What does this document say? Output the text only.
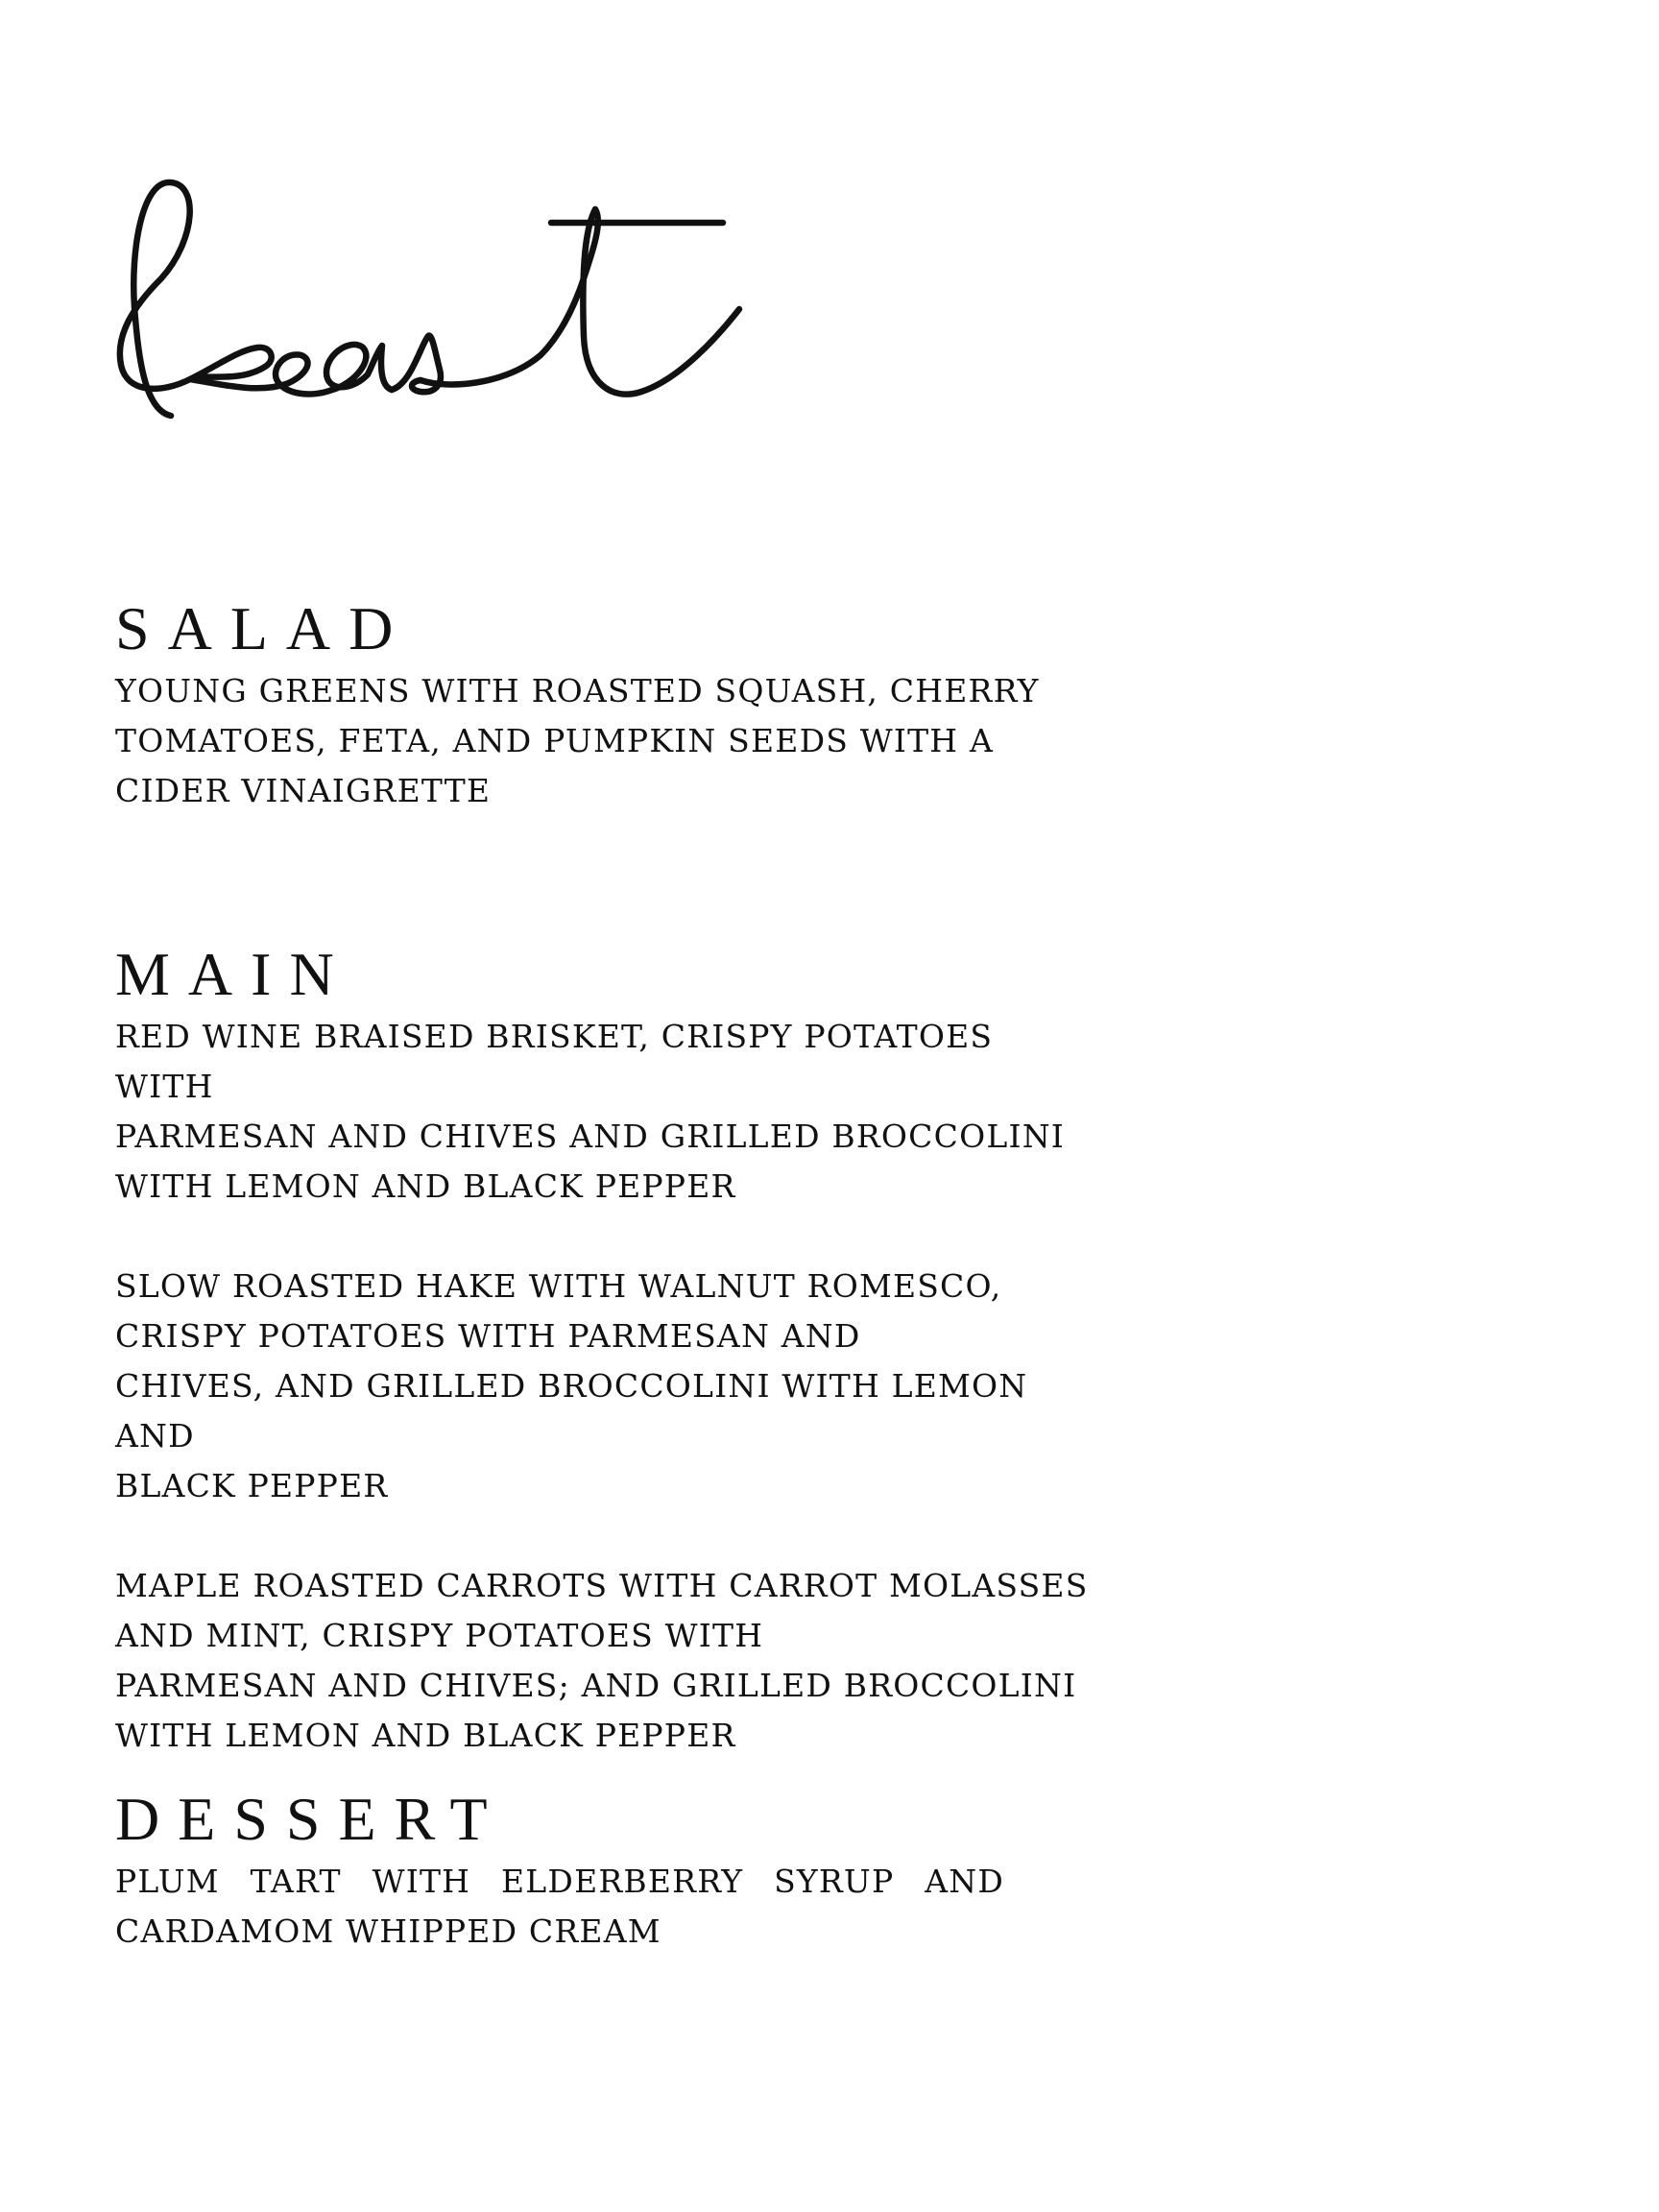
SALAD

YOUNG GREENS WITH ROASTED SQUASH, CHERRY
TOMATOES, FETA, AND PUMPKIN SEEDS WITH A
CIDER VINAIGRETTE

MAIN

RED WINE BRAISED BRISKET, CRISPY POTATOES WITH
PARMESAN AND CHIVES AND GRILLED BROCCOLINI
WITH LEMON AND BLACK PEPPER

SLOW ROASTED HAKE WITH WALNUT ROMESCO,
CRISPY POTATOES WITH PARMESAN AND
CHIVES, AND GRILLED BROCCOLINI WITH LEMON AND
BLACK PEPPER

MAPLE ROASTED CARROTS WITH CARROT MOLASSES
AND MINT, CRISPY POTATOES WITH
PARMESAN AND CHIVES; AND GRILLED BROCCOLINI
WITH LEMON AND BLACK PEPPER

DESSERT

PLUM TART WITH ELDERBERRY SYRUP AND CARDAMOM WHIPPED CREAM
